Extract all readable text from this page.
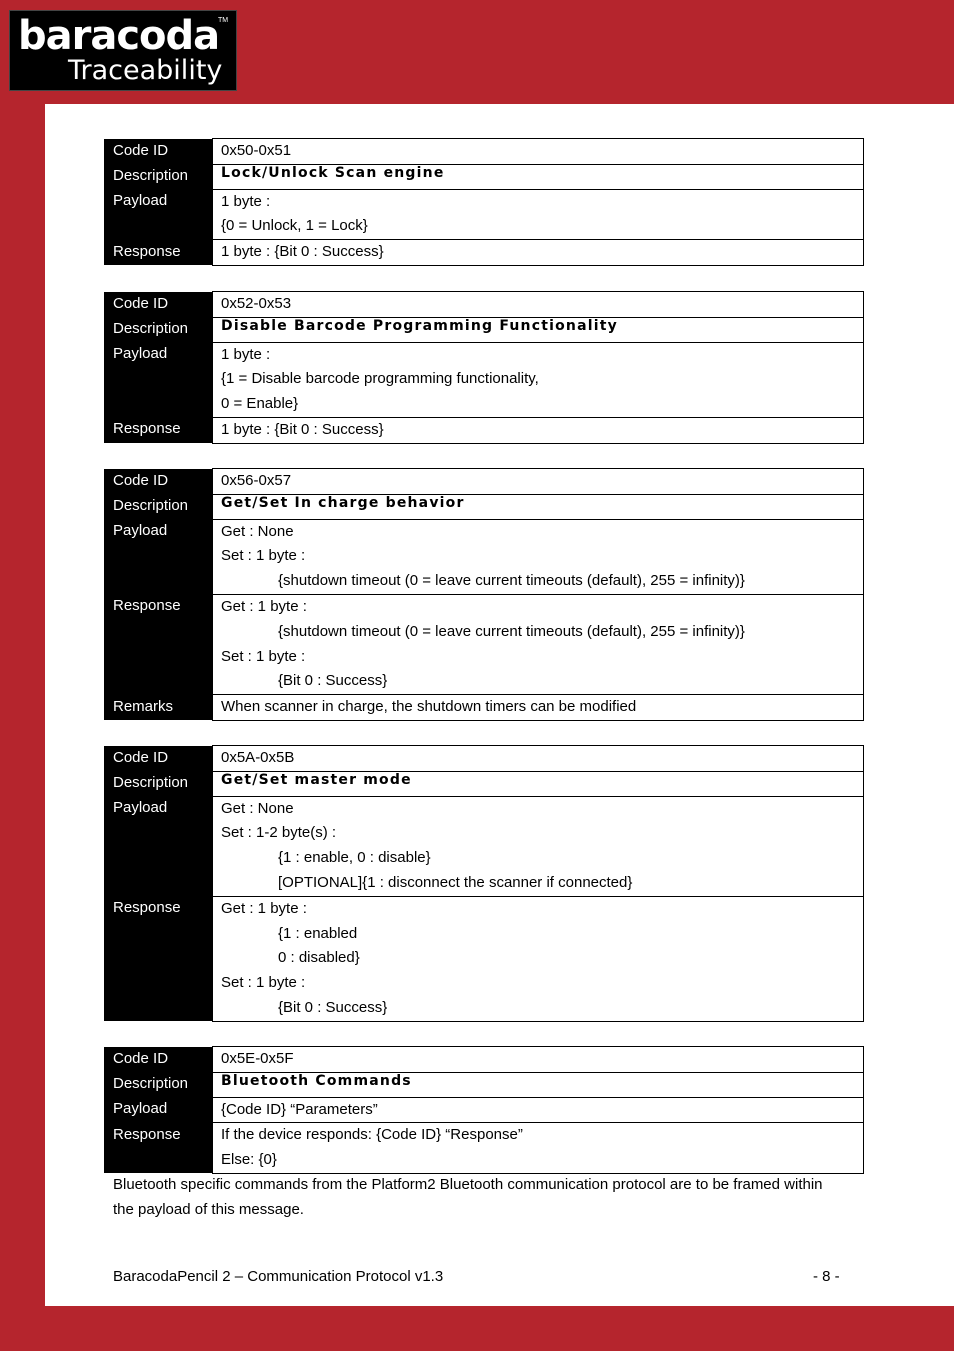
baracoda
TM
Traceability
Code ID	0x50-0x51
Description	Lock/Unlock Scan engine

Payload	1 byte :
{0 = Unlock, 1 = Lock}

Response	1 byte : {Bit 0 : Success}
Code ID	0x52-0x53
Description	Disable Barcode Programming Functionality

Payload	1 byte :
{1 = Disable barcode programming functionality,
0 = Enable}

Response	1 byte : {Bit 0 : Success}
Code ID	0x56-0x57
Description	Get/Set In charge behavior

Payload	Get : None
Set : 1 byte :
{shutdown timeout (0 = leave current timeouts (default), 255 = infinity)}

Response	Get : 1 byte :
{shutdown timeout (0 = leave current timeouts (default), 255 = infinity)}
Set : 1 byte :
{Bit 0 : Success}

Remarks	When scanner in charge, the shutdown timers can be modified
Code ID	0x5A-0x5B
Description	Get/Set master mode

Payload	Get : None
Set : 1-2 byte(s) :
{1 : enable, 0 : disable}
[OPTIONAL]{1 : disconnect the scanner if connected}

Response	Get : 1 byte :
{1 : enabled
0 : disabled}
Set : 1 byte :
{Bit 0 : Success}
Code ID	0x5E-0x5F
Description	Bluetooth Commands

Payload	{Code ID} “Parameters”

Response	If the device responds: {Code ID} “Response”
Else: {0}

Bluetooth specific commands from the Platform2 Bluetooth communication protocol are to be framed within the payload of this message.

BaracodaPencil 2 – Communication Protocol v1.3	- 8 -
